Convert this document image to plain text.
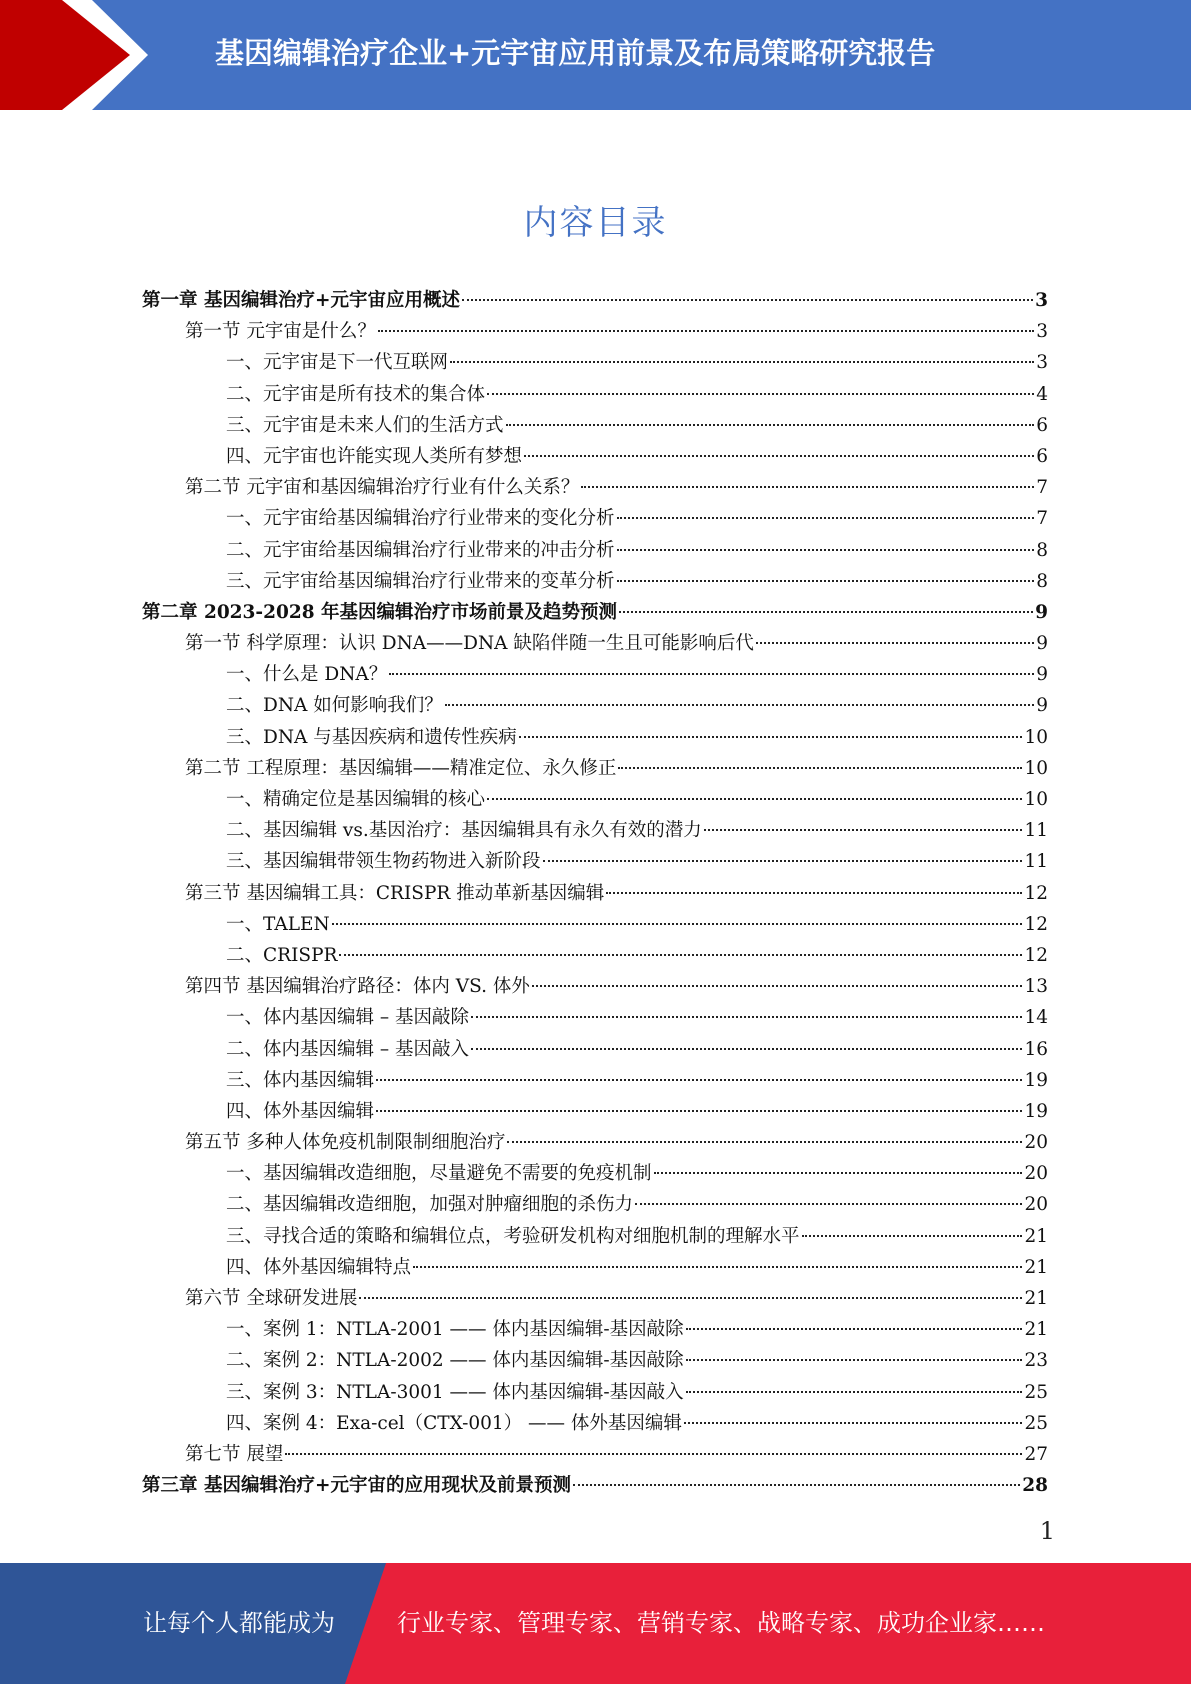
基因编辑治疗企业+元宇宙应用前景及布局策略研究报告
内容目录
第一章 基因编辑治疗+元宇宙应用概述	3
第一节 元宇宙是什么？	3
一、元宇宙是下一代互联网	3
二、元宇宙是所有技术的集合体	4
三、元宇宙是未来人们的生活方式	6
四、元宇宙也许能实现人类所有梦想	6
第二节 元宇宙和基因编辑治疗行业有什么关系？	7
一、元宇宙给基因编辑治疗行业带来的变化分析	7
二、元宇宙给基因编辑治疗行业带来的冲击分析	8
三、元宇宙给基因编辑治疗行业带来的变革分析	8
第二章 2023-2028 年基因编辑治疗市场前景及趋势预测	9
第一节 科学原理：认识 DNA——DNA 缺陷伴随一生且可能影响后代	9
一、什么是 DNA？	9
二、DNA 如何影响我们？	9
三、DNA 与基因疾病和遗传性疾病	10
第二节 工程原理：基因编辑——精准定位、永久修正	10
一、精确定位是基因编辑的核心	10
二、基因编辑 vs.基因治疗：基因编辑具有永久有效的潜力	11
三、基因编辑带领生物药物进入新阶段	11
第三节 基因编辑工具：CRISPR 推动革新基因编辑	12
一、TALEN	12
二、CRISPR	12
第四节 基因编辑治疗路径：体内 VS. 体外	13
一、体内基因编辑 – 基因敲除	14
二、体内基因编辑 – 基因敲入	16
三、体内基因编辑	19
四、体外基因编辑	19
第五节 多种人体免疫机制限制细胞治疗	20
一、基因编辑改造细胞，尽量避免不需要的免疫机制	20
二、基因编辑改造细胞，加强对肿瘤细胞的杀伤力	20
三、寻找合适的策略和编辑位点，考验研发机构对细胞机制的理解水平	21
四、体外基因编辑特点	21
第六节 全球研发进展	21
一、案例 1：NTLA-2001 —— 体内基因编辑-基因敲除	21
二、案例 2：NTLA-2002 —— 体内基因编辑-基因敲除	23
三、案例 3：NTLA-3001 —— 体内基因编辑-基因敲入	25
四、案例 4：Exa-cel（CTX-001） —— 体外基因编辑	25
第七节 展望	27
第三章 基因编辑治疗+元宇宙的应用现状及前景预测	28
1
让每个人都能成为	行业专家、管理专家、营销专家、战略专家、成功企业家……
